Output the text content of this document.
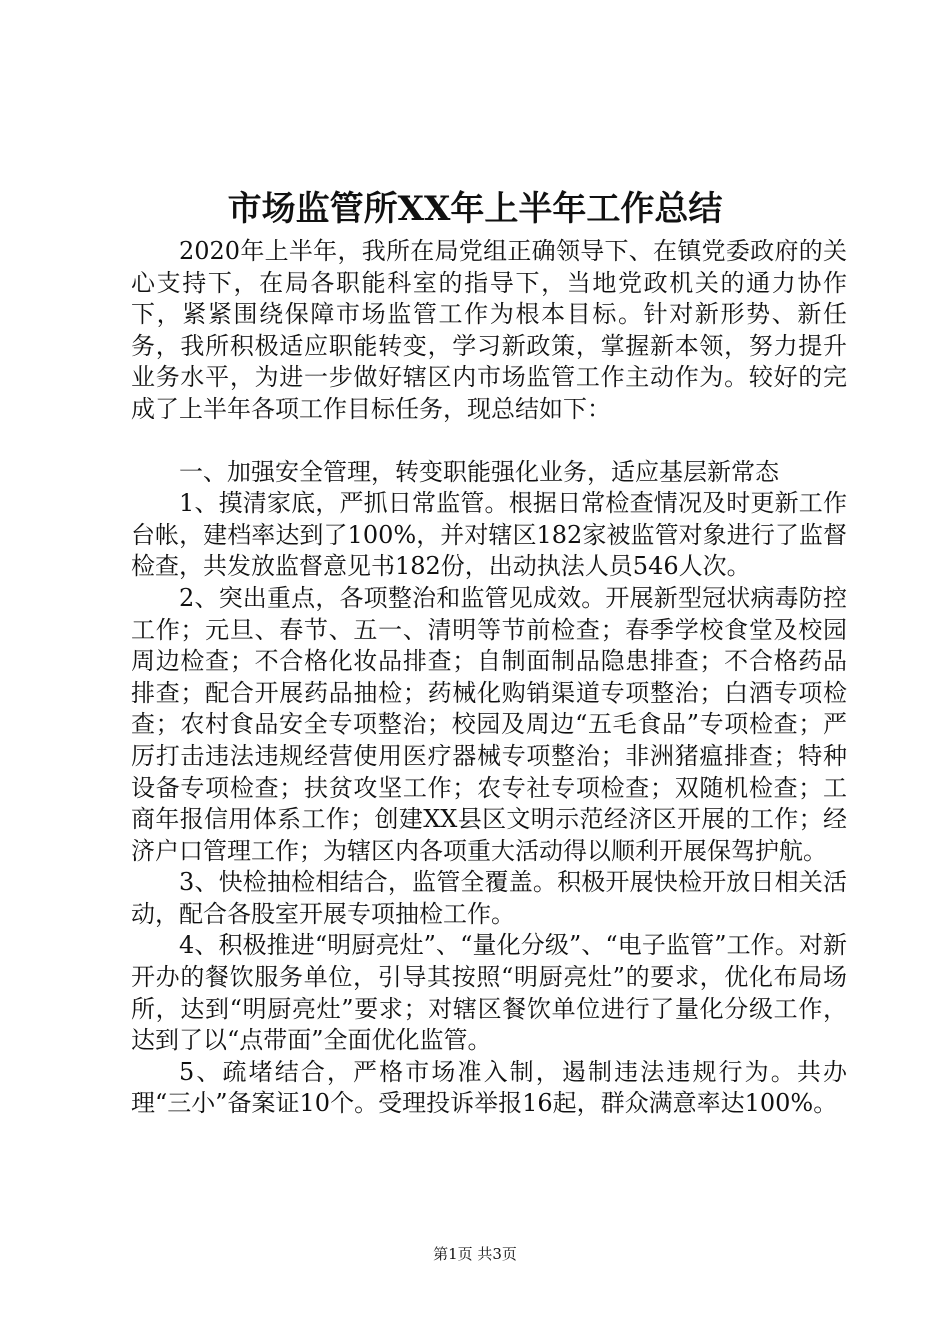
市场监管所XX年上半年工作总结

2020年上半年，我所在局党组正确领导下、在镇党委政府的关心支持下，在局各职能科室的指导下，当地党政机关的通力协作下，紧紧围绕保障市场监管工作为根本目标。针对新形势、新任务，我所积极适应职能转变，学习新政策，掌握新本领，努力提升业务水平，为进一步做好辖区内市场监管工作主动作为。较好的完成了上半年各项工作目标任务，现总结如下：

一、加强安全管理，转变职能强化业务，适应基层新常态

1、摸清家底，严抓日常监管。根据日常检查情况及时更新工作台帐，建档率达到了100%，并对辖区182家被监管对象进行了监督检查，共发放监督意见书182份，出动执法人员546人次。

2、突出重点，各项整治和监管见成效。开展新型冠状病毒防控工作；元旦、春节、五一、清明等节前检查；春季学校食堂及校园周边检查；不合格化妆品排查；自制面制品隐患排查；不合格药品排查；配合开展药品抽检；药械化购销渠道专项整治；白酒专项检查；农村食品安全专项整治；校园及周边“五毛食品”专项检查；严厉打击违法违规经营使用医疗器械专项整治；非洲猪瘟排查；特种设备专项检查；扶贫攻坚工作；农专社专项检查；双随机检查；工商年报信用体系工作；创建XX县区文明示范经济区开展的工作；经济户口管理工作；为辖区内各项重大活动得以顺利开展保驾护航。

3、快检抽检相结合，监管全覆盖。积极开展快检开放日相关活动，配合各股室开展专项抽检工作。

4、积极推进“明厨亮灶”、“量化分级”、“电子监管”工作。对新开办的餐饮服务单位，引导其按照“明厨亮灶”的要求，优化布局场所，达到“明厨亮灶”要求；对辖区餐饮单位进行了量化分级工作，达到了以“点带面”全面优化监管。

5、疏堵结合，严格市场准入制，遏制违法违规行为。共办理“三小”备案证10个。受理投诉举报16起，群众满意率达100%。

第1页 共3页
